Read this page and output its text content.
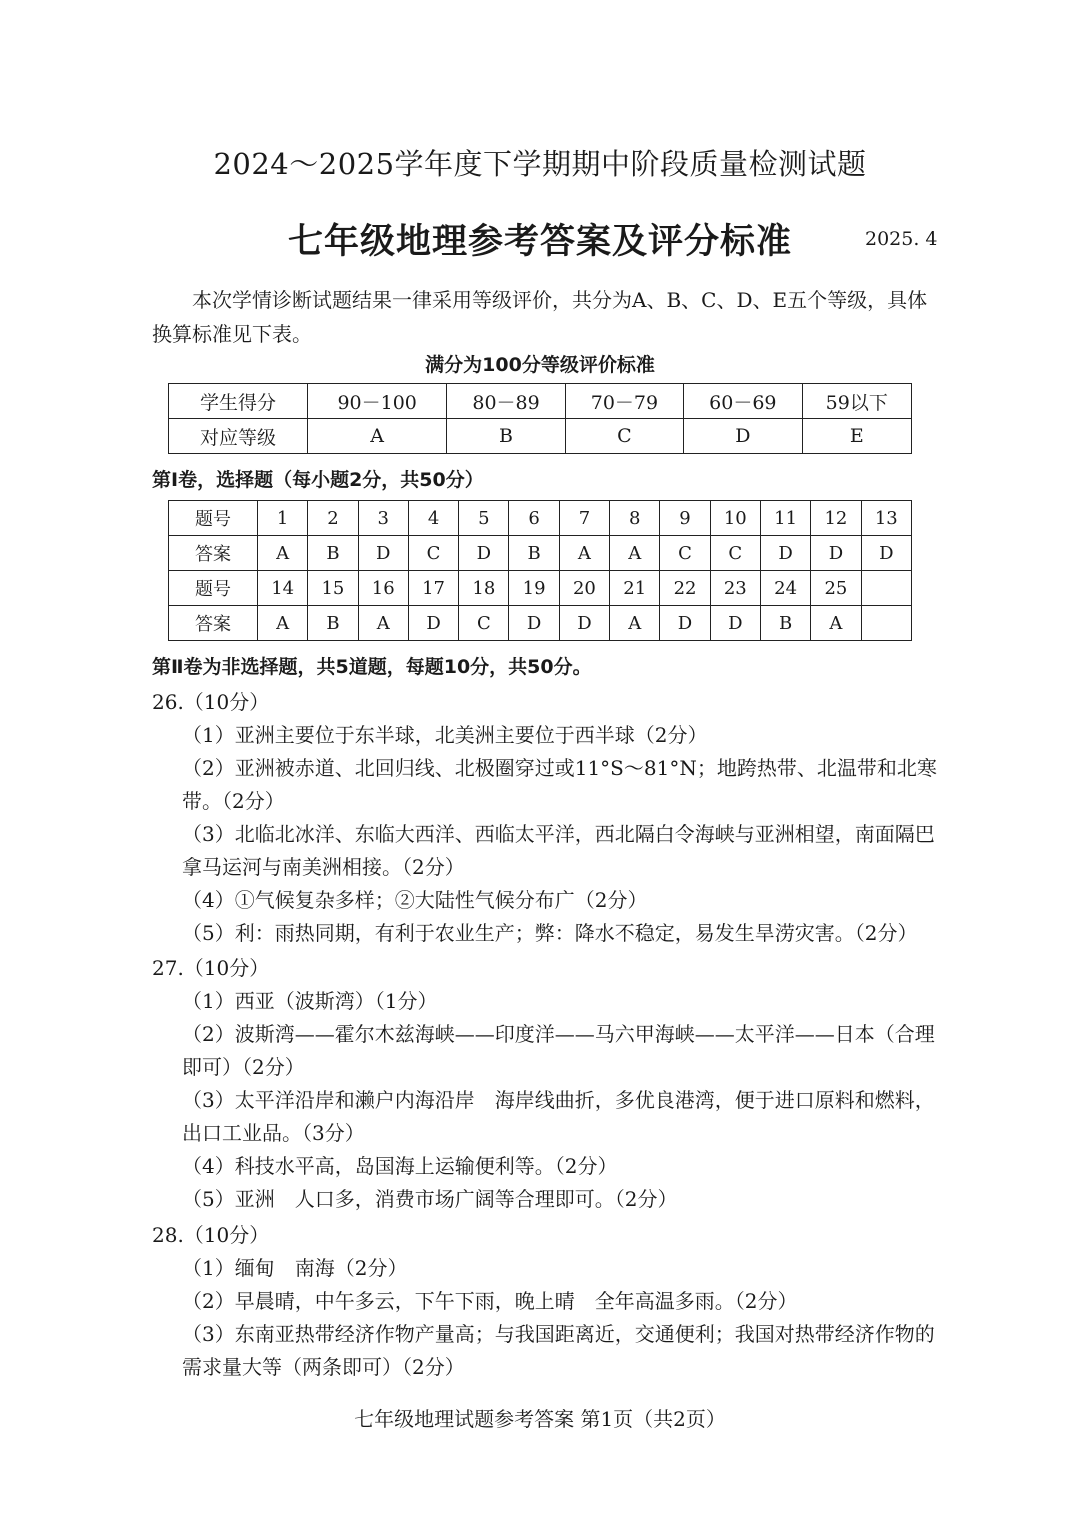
2024～2025学年度下学期期中阶段质量检测试题
七年级地理参考答案及评分标准	2025. 4
本次学情诊断试题结果一律采用等级评价，共分为A、B、C、D、E五个等级，具体换算标准见下表。
满分为100分等级评价标准
学生得分	90－100	80－89	70－79	60－69	59以下
对应等级	A	B	C	D	E
第Ⅰ卷，选择题（每小题2分，共50分）
题号	1	2	3	4	5	6	7	8	9	10	11	12	13
答案	A	B	D	C	D	B	A	A	C	C	D	D	D
题号	14	15	16	17	18	19	20	21	22	23	24	25	
答案	A	B	A	D	C	D	D	A	D	D	B	A	
第Ⅱ卷为非选择题，共5道题，每题10分，共50分。
26.（10分）
（1）亚洲主要位于东半球，北美洲主要位于西半球（2分）
（2）亚洲被赤道、北回归线、北极圈穿过或11°S～81°N；地跨热带、北温带和北寒带。（2分）
（3）北临北冰洋、东临大西洋、西临太平洋，西北隔白令海峡与亚洲相望，南面隔巴拿马运河与南美洲相接。（2分）
（4）①气候复杂多样；②大陆性气候分布广（2分）
（5）利：雨热同期，有利于农业生产；弊：降水不稳定，易发生旱涝灾害。（2分）
27.（10分）
（1）西亚（波斯湾）（1分）
（2）波斯湾——霍尔木兹海峡——印度洋——马六甲海峡——太平洋——日本（合理即可）（2分）
（3）太平洋沿岸和濑户内海沿岸　海岸线曲折，多优良港湾，便于进口原料和燃料，出口工业品。（3分）
（4）科技水平高，岛国海上运输便利等。（2分）
（5）亚洲　人口多，消费市场广阔等合理即可。（2分）
28.（10分）
（1）缅甸　南海（2分）
（2）早晨晴，中午多云，下午下雨，晚上晴　全年高温多雨。（2分）
（3）东南亚热带经济作物产量高；与我国距离近，交通便利；我国对热带经济作物的需求量大等（两条即可）（2分）
七年级地理试题参考答案 第1页（共2页）
